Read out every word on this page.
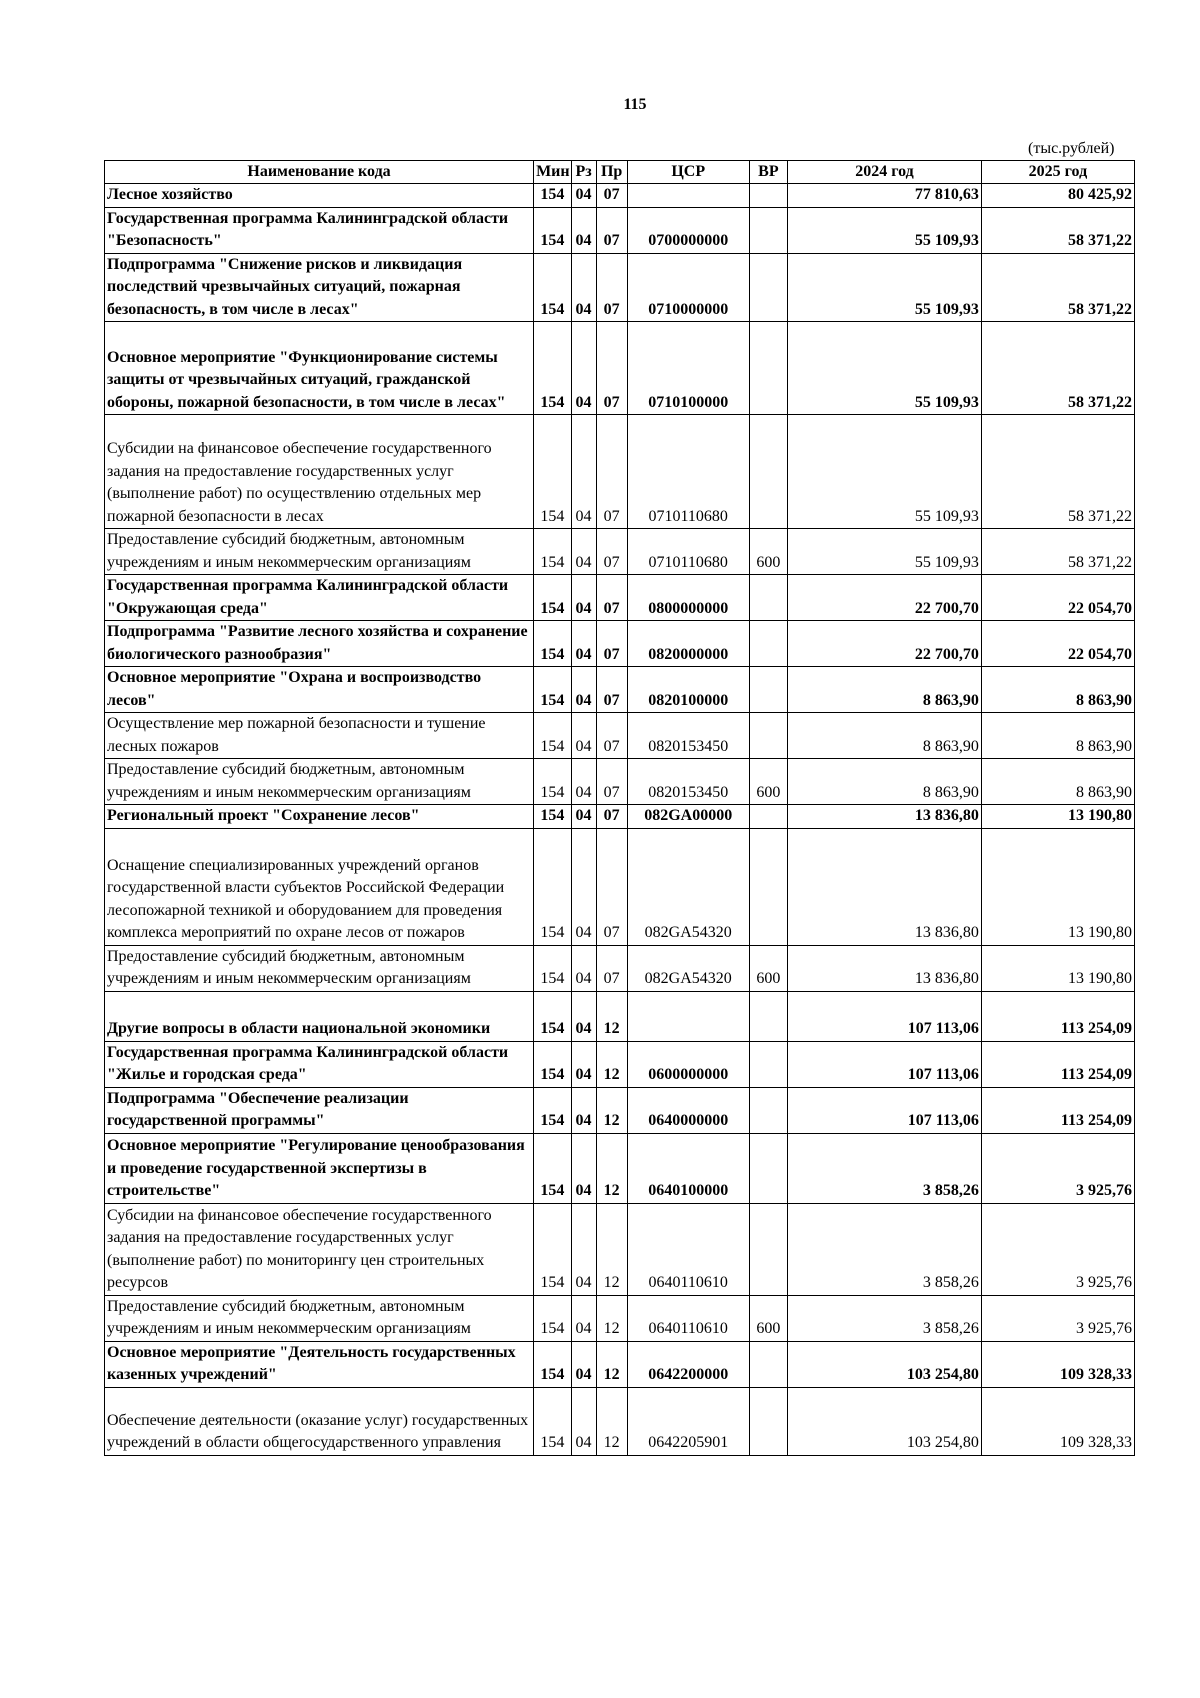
115
(тыс.рублей)
Наименование кода	Мин	Рз	Пр	ЦСР	ВР	2024 год	2025 год
Лесное хозяйство	154	04	07			77 810,63	80 425,92
Государственная программа Калининградской области "Безопасность"	154	04	07	0700000000		55 109,93	58 371,22
Подпрограмма "Снижение рисков и ликвидация последствий чрезвычайных ситуаций, пожарная безопасность, в том числе в лесах"	154	04	07	0710000000		55 109,93	58 371,22
Основное мероприятие "Функционирование системы защиты от чрезвычайных ситуаций, гражданской обороны, пожарной безопасности, в том числе в лесах"	154	04	07	0710100000		55 109,93	58 371,22
Субсидии на финансовое обеспечение государственного задания на предоставление государственных услуг (выполнение работ) по осуществлению отдельных мер пожарной безопасности в лесах	154	04	07	0710110680		55 109,93	58 371,22
Предоставление субсидий бюджетным, автономным учреждениям и иным некоммерческим организациям	154	04	07	0710110680	600	55 109,93	58 371,22
Государственная программа Калининградской области "Окружающая среда"	154	04	07	0800000000		22 700,70	22 054,70
Подпрограмма "Развитие лесного хозяйства и сохранение биологического разнообразия"	154	04	07	0820000000		22 700,70	22 054,70
Основное мероприятие "Охрана и воспроизводство лесов"	154	04	07	0820100000		8 863,90	8 863,90
Осуществление мер пожарной безопасности и тушение лесных пожаров	154	04	07	0820153450		8 863,90	8 863,90
Предоставление субсидий бюджетным, автономным учреждениям и иным некоммерческим организациям	154	04	07	0820153450	600	8 863,90	8 863,90
Региональный проект "Сохранение лесов"	154	04	07	082GA00000		13 836,80	13 190,80
Оснащение специализированных учреждений органов государственной власти субъектов Российской Федерации лесопожарной техникой и оборудованием для проведения комплекса мероприятий по охране лесов от пожаров	154	04	07	082GA54320		13 836,80	13 190,80
Предоставление субсидий бюджетным, автономным учреждениям и иным некоммерческим организациям	154	04	07	082GA54320	600	13 836,80	13 190,80
Другие вопросы в области национальной экономики	154	04	12			107 113,06	113 254,09
Государственная программа Калининградской области "Жилье и городская среда"	154	04	12	0600000000		107 113,06	113 254,09
Подпрограмма "Обеспечение реализации государственной программы"	154	04	12	0640000000		107 113,06	113 254,09
Основное мероприятие "Регулирование ценообразования и проведение государственной экспертизы в строительстве"	154	04	12	0640100000		3 858,26	3 925,76
Субсидии на финансовое обеспечение государственного задания на предоставление государственных услуг (выполнение работ) по мониторингу цен строительных ресурсов	154	04	12	0640110610		3 858,26	3 925,76
Предоставление субсидий бюджетным, автономным учреждениям и иным некоммерческим организациям	154	04	12	0640110610	600	3 858,26	3 925,76
Основное мероприятие "Деятельность государственных казенных учреждений"	154	04	12	0642200000		103 254,80	109 328,33
Обеспечение деятельности (оказание услуг) государственных учреждений в области общегосударственного управления	154	04	12	0642205901		103 254,80	109 328,33
